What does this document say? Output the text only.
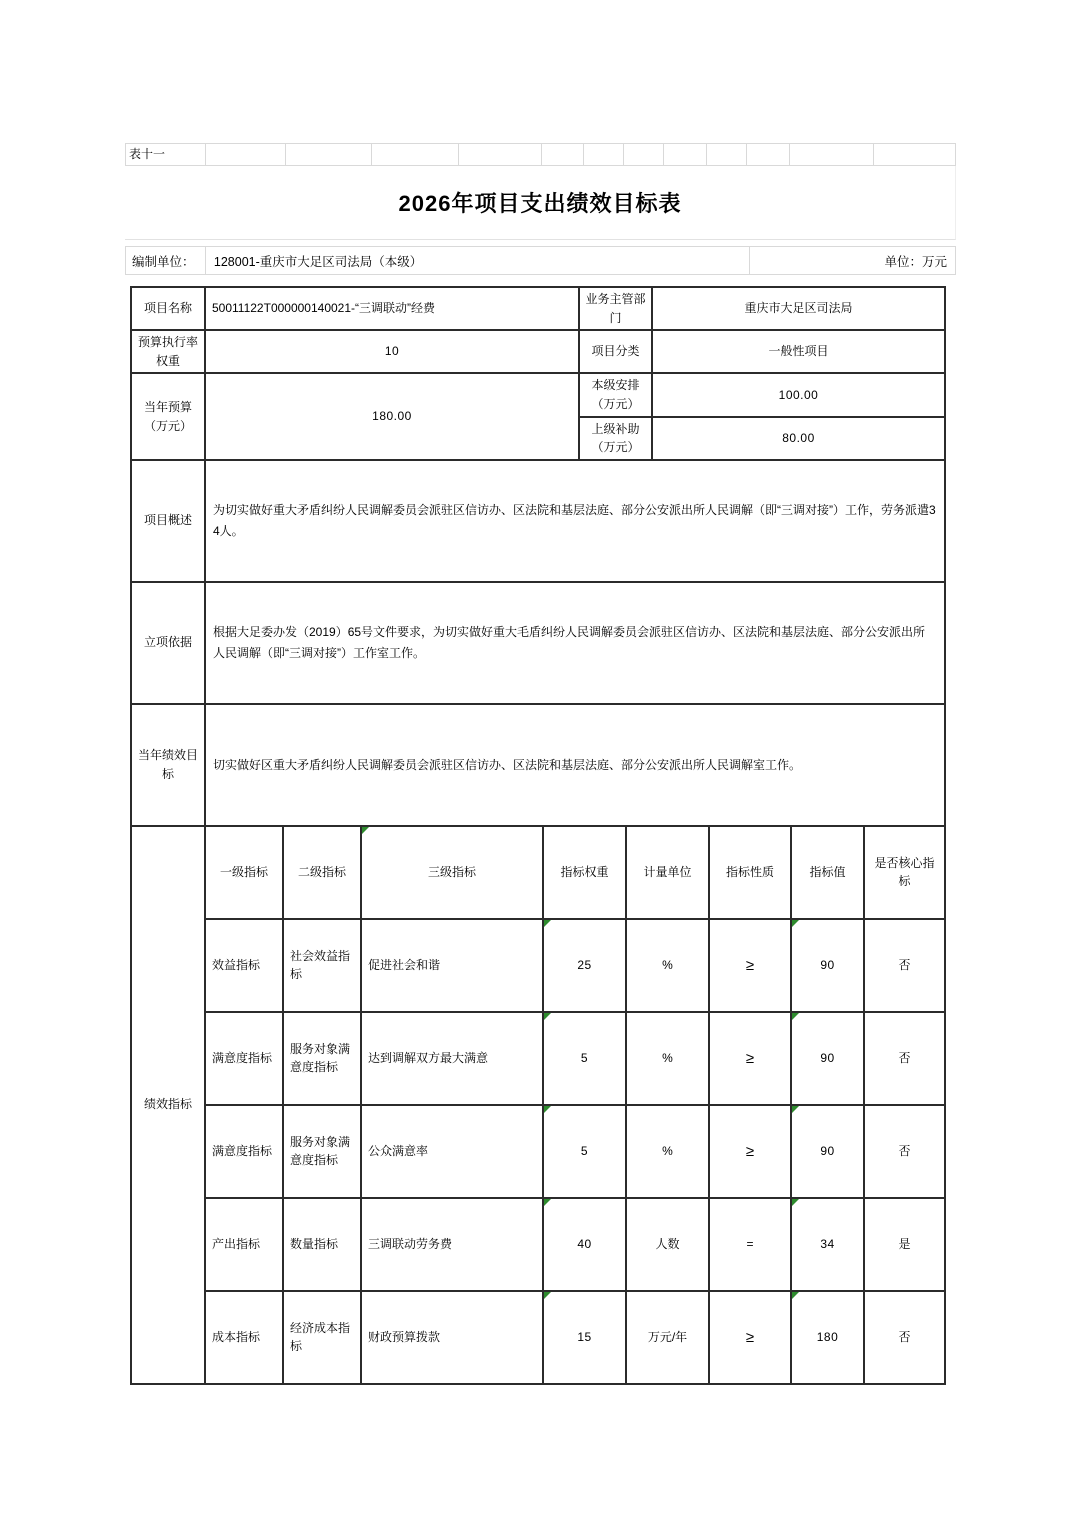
表十一
2026年项目支出绩效目标表
编制单位：	128001-重庆市大足区司法局（本级）	单位：万元
项目名称	50011122T000000140021-“三调联动”经费	业务主管部门	重庆市大足区司法局
预算执行率权重	10	项目分类	一般性项目
当年预算（万元）	180.00	本级安排（万元）	100.00
		上级补助（万元）	80.00
项目概述	为切实做好重大矛盾纠纷人民调解委员会派驻区信访办、区法院和基层法庭、部分公安派出所人民调解（即“三调对接”）工作，劳务派遣34人。		
立项依据	根据大足委办发（2019）65号文件要求，为切实做好重大毛盾纠纷人民调解委员会派驻区信访办、区法院和基层法庭、部分公安派出所人民调解（即“三调对接”）工作室工作。		
当年绩效目标	切实做好区重大矛盾纠纷人民调解委员会派驻区信访办、区法院和基层法庭、部分公安派出所人民调解室工作。		
绩效指标	一级指标	二级指标	三级指标	指标权重	计量单位	指标性质	指标值	是否核心指标
	效益指标	社会效益指标	促进社会和谐	25	%	≥	90	否
	满意度指标	服务对象满意度指标	达到调解双方最大满意	5	%	≥	90	否
	满意度指标	服务对象满意度指标	公众满意率	5	%	≥	90	否
	产出指标	数量指标	三调联动劳务费	40	人数	=	34	是
	成本指标	经济成本指标	财政预算拨款	15	万元/年	≥	180	否
